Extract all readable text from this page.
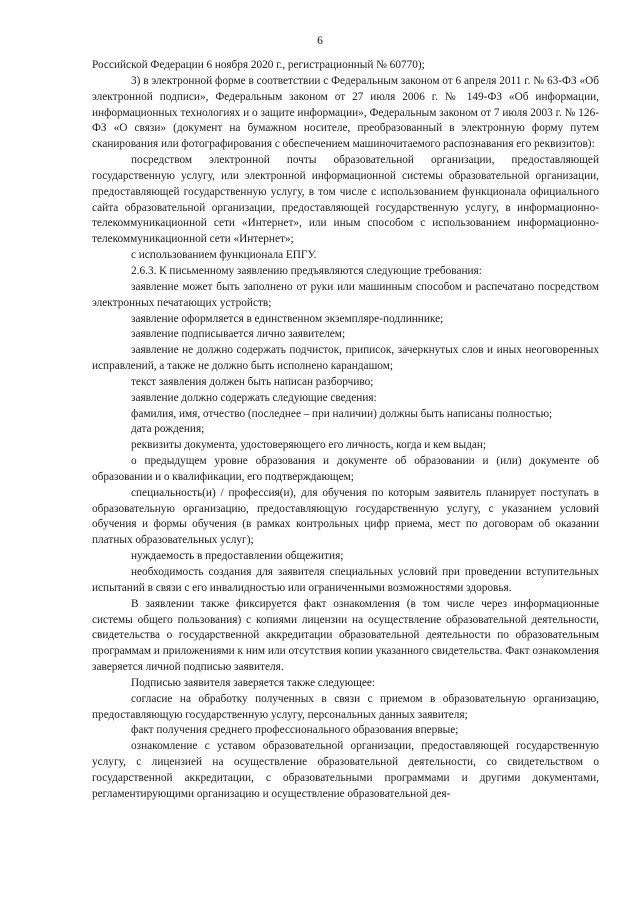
6

Российской Федерации 6 ноября 2020 г., регистрационный № 60770);

3) в электронной форме в соответствии с Федеральным законом от 6 апреля 2011 г. № 63-ФЗ «Об электронной подписи», Федеральным законом от 27 июля 2006 г. № 149-ФЗ «Об информации, информационных технологиях и о защите информации», Федеральным законом от 7 июля 2003 г. № 126-ФЗ «О связи» (документ на бумажном носителе, преобразованный в электронную форму путем сканирования или фотографирования с обеспечением машиночитаемого распознавания его реквизитов):

посредством электронной почты образовательной организации, предоставляющей государственную услугу, или электронной информационной системы образовательной организации, предоставляющей государственную услугу, в том числе с использованием функционала официального сайта образовательной организации, предоставляющей государственную услугу, в информационно-телекоммуникационной сети «Интернет», или иным способом с использованием информационно-телекоммуникационной сети «Интернет»;

с использованием функционала ЕПГУ.

2.6.3. К письменному заявлению предъявляются следующие требования:

заявление может быть заполнено от руки или машинным способом и распечатано посредством электронных печатающих устройств;

заявление оформляется в единственном экземпляре-подлиннике;

заявление подписывается лично заявителем;

заявление не должно содержать подчисток, приписок, зачеркнутых слов и иных неоговоренных исправлений, а также не должно быть исполнено карандашом;

текст заявления должен быть написан разборчиво;

заявление должно содержать следующие сведения:

фамилия, имя, отчество (последнее – при наличии) должны быть написаны полностью;

дата рождения;

реквизиты документа, удостоверяющего его личность, когда и кем выдан;

о предыдущем уровне образования и документе об образовании и (или) документе об образовании и о квалификации, его подтверждающем;

специальность(и) / профессия(и), для обучения по которым заявитель планирует поступать в образовательную организацию, предоставляющую государственную услугу, с указанием условий обучения и формы обучения (в рамках контрольных цифр приема, мест по договорам об оказании платных образовательных услуг);

нуждаемость в предоставлении общежития;

необходимость создания для заявителя специальных условий при проведении вступительных испытаний в связи с его инвалидностью или ограниченными возможностями здоровья.

В заявлении также фиксируется факт ознакомления (в том числе через информационные системы общего пользования) с копиями лицензии на осуществление образовательной деятельности, свидетельства о государственной аккредитации образовательной деятельности по образовательным программам и приложениями к ним или отсутствия копии указанного свидетельства. Факт ознакомления заверяется личной подписью заявителя.

Подписью заявителя заверяется также следующее:

согласие на обработку полученных в связи с приемом в образовательную организацию, предоставляющую государственную услугу, персональных данных заявителя;

факт получения среднего профессионального образования впервые;

ознакомление с уставом образовательной организации, предоставляющей государственную услугу, с лицензией на осуществление образовательной деятельности, со свидетельством о государственной аккредитации, с образовательными программами и другими документами, регламентирующими организацию и осуществление образовательной дея-
